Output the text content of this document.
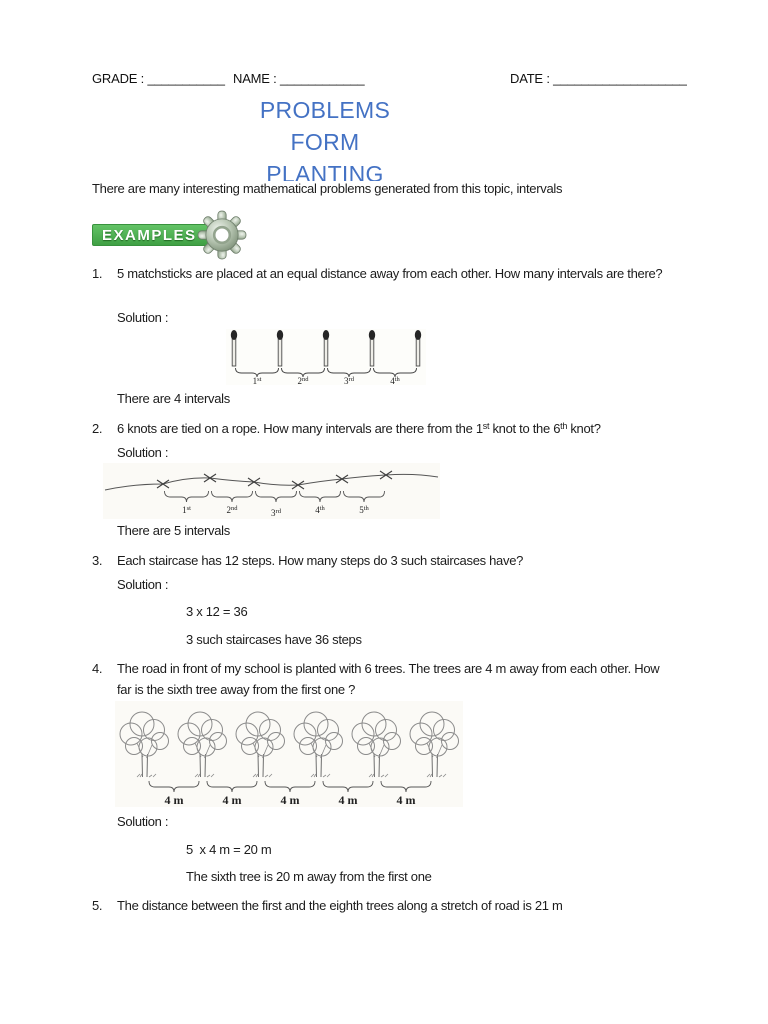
GRADE : ___________ NAME : ____________	DATE : ___________________
PROBLEMS
FORM
PLANTING
There are many interesting mathematical problems generated from this topic, intervals
EXAMPLES
1.	5 matchsticks are placed at an equal distance away from each other. How many intervals are there?
Solution :
1st	2nd	3rd	4th
There are 4 intervals
2.	6 knots are tied on a rope. How many intervals are there from the 1st knot to the 6th knot?
Solution :
1st	2nd	3rd	4th	5th
There are 5 intervals
3.	Each staircase has 12 steps. How many steps do 3 such staircases have?
Solution :
3 x 12 = 36
3 such staircases have 36 steps
4.	The road in front of my school is planted with 6 trees. The trees are 4 m away from each other. How far is the sixth tree away from the first one ?
4 m	4 m	4 m	4 m	4 m
Solution :
5  x 4 m = 20 m
The sixth tree is 20 m away from the first one
5.	The distance between the first and the eighth trees along a stretch of road is 21 m
